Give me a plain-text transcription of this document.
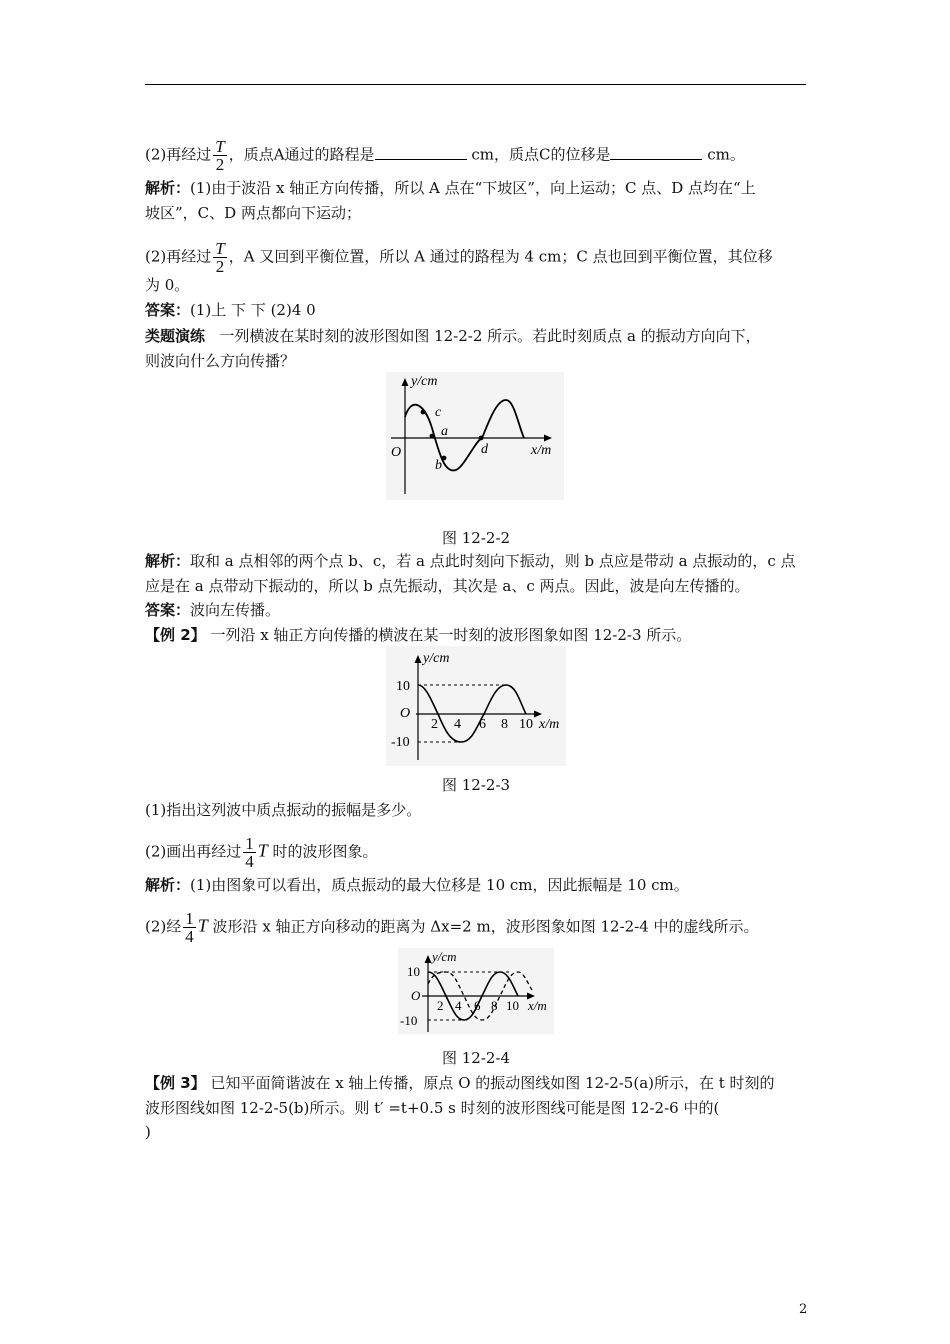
(2)再经过 $\frac{T}{2}$ ，质点A通过的路程是	cm，质点C的位移是	cm。
解析：(1)由于波沿 x 轴正方向传播，所以 A 点在“下坡区”，向上运动；C 点、D 点均在“上
坡区”，C、D 两点都向下运动；
(2)再经过 $\frac{T}{2}$ ，A 又回到平衡位置，所以 A 通过的路程为 4 cm；C 点也回到平衡位置，其位移
为 0。
答案：(1)上 下 下 (2)4 0
类题演练 一列横波在某时刻的波形图如图 12-2-2 所示。若此时刻质点 a 的振动方向向下，
则波向什么方向传播？
y/cm
x/m
O
c
a
b
d
图 12-2-2
解析：取和 a 点相邻的两个点 b、c，若 a 点此时刻向下振动，则 b 点应是带动 a 点振动的，c 点
应是在 a 点带动下振动的，所以 b 点先振动，其次是 a、c 两点。因此，波是向左传播的。
答案：波向左传播。
【例 2】 一列沿 x 轴正方向传播的横波在某一时刻的波形图象如图 12-2-3 所示。
y/cm
10
-10
O
2 4 6 8 10 x/m
图 12-2-3
(1)指出这列波中质点振动的振幅是多少。
(2)画出再经过 $\frac{1}{4}$ T 时的波形图象。
解析：(1)由图象可以看出，质点振动的最大位移是 10 cm，因此振幅是 10 cm。
(2)经 $\frac{1}{4}$ T 波形沿 x 轴正方向移动的距离为 Δx=2 m，波形图象如图 12-2-4 中的虚线所示。
y/cm
10
-10
O
2 4 6 8 10 x/m
图 12-2-4
【例 3】 已知平面简谐波在 x 轴上传播，原点 O 的振动图线如图 12-2-5(a)所示，在 t 时刻的
波形图线如图 12-2-5(b)所示。则 t′ =t+0.5 s 时刻的波形图线可能是图 12-2-6 中的(
)
2
